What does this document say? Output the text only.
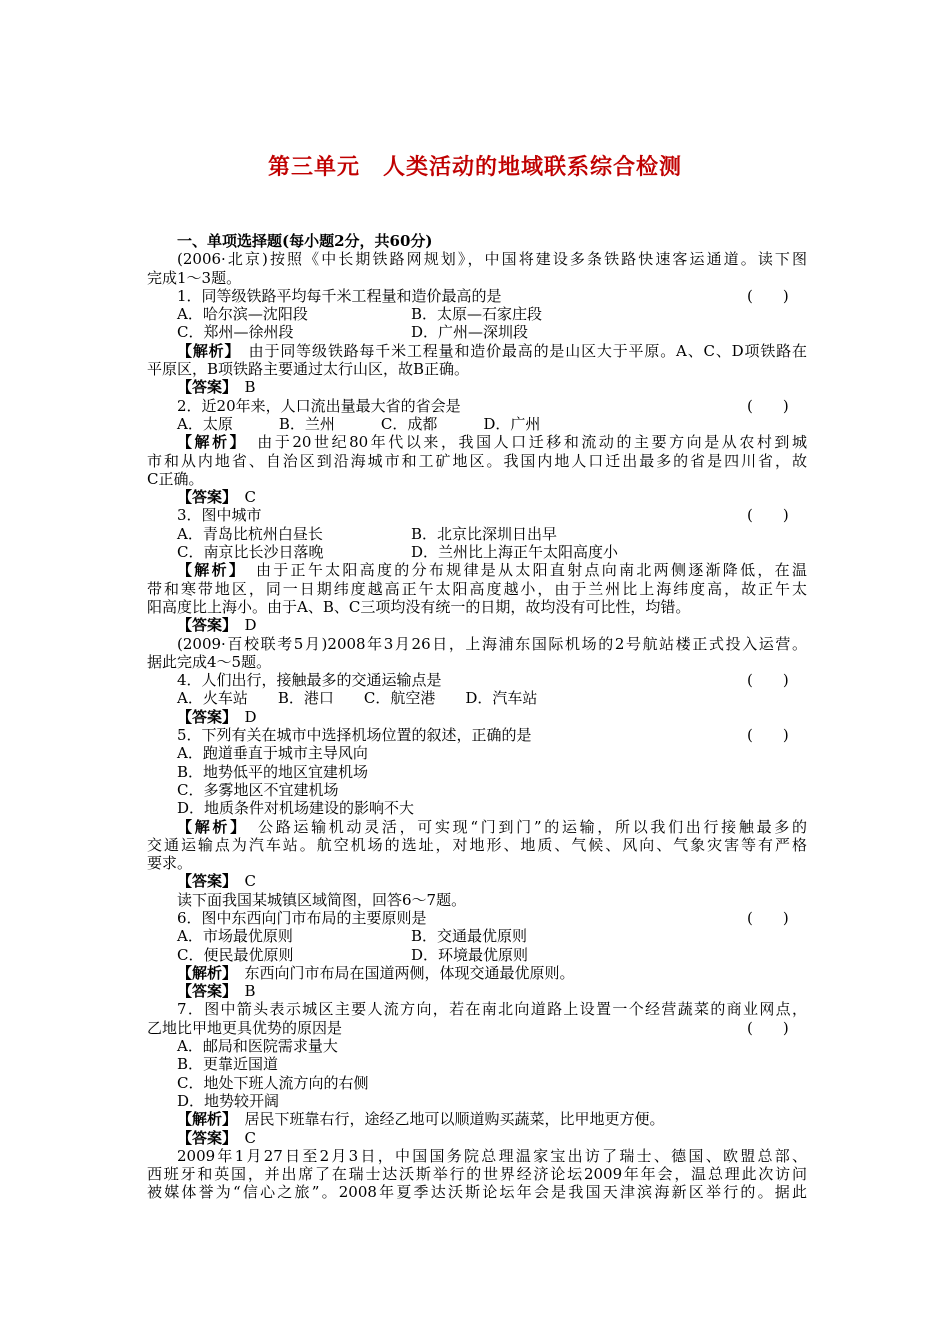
第三单元　人类活动的地域联系综合检测
一、单项选择题(每小题2分，共60分)
(2006·北京)按照《中长期铁路网规划》，中国将建设多条铁路快速客运通道。读下图
完成1～3题。
1．同等级铁路平均每千米工程量和造价最高的是	(　　)
A．哈尔滨—沈阳段	B．太原—石家庄段
C．郑州—徐州段	D．广州—深圳段
【解析】　 由于同等级铁路每千米工程量和造价最高的是山区大于平原。A、C、D项铁路在
平原区，B项铁路主要通过太行山区，故B正确。
【答案】　 B
2．近20年来，人口流出量最大省的省会是	(　　)
A．太原	B．兰州	C．成都	D．广州
【解析】　 由于20世纪80年代以来，我国人口迁移和流动的主要方向是从农村到城
市和从内地省、自治区到沿海城市和工矿地区。我国内地人口迁出最多的省是四川省，故
C正确。
【答案】　 C
3．图中城市	(　　)
A．青岛比杭州白昼长	B．北京比深圳日出早
C．南京比长沙日落晚	D．兰州比上海正午太阳高度小
【解析】　 由于正午太阳高度的分布规律是从太阳直射点向南北两侧逐渐降低，在温
带和寒带地区，同一日期纬度越高正午太阳高度越小，由于兰州比上海纬度高，故正午太
阳高度比上海小。由于A、B、C三项均没有统一的日期，故均没有可比性，均错。
【答案】　 D
(2009·百校联考5月)2008年3月26日，上海浦东国际机场的2号航站楼正式投入运营。
据此完成4～5题。
4．人们出行，接触最多的交通运输点是	(　　)
A．火车站 B．港口 C．航空港 D．汽车站
【答案】　 D
5．下列有关在城市中选择机场位置的叙述，正确的是	(　　)
A．跑道垂直于城市主导风向
B．地势低平的地区宜建机场
C．多雾地区不宜建机场
D．地质条件对机场建设的影响不大
【解析】　 公路运输机动灵活，可实现“门到门”的运输，所以我们出行接触最多的
交通运输点为汽车站。航空机场的选址，对地形、地质、气候、风向、气象灾害等有严格
要求。
【答案】　 C
读下面我国某城镇区域简图，回答6～7题。
6．图中东西向门市布局的主要原则是	(　　)
A．市场最优原则	B．交通最优原则
C．便民最优原则	D．环境最优原则
【解析】　 东西向门市布局在国道两侧，体现交通最优原则。
【答案】　 B
7．图中箭头表示城区主要人流方向，若在南北向道路上设置一个经营蔬菜的商业网点，
乙地比甲地更具优势的原因是	(　　)
A．邮局和医院需求量大
B．更靠近国道
C．地处下班人流方向的右侧
D．地势较开阔
【解析】　 居民下班靠右行，途经乙地可以顺道购买蔬菜，比甲地更方便。
【答案】　 C
2009年1月27日至2月3日，中国国务院总理温家宝出访了瑞士、德国、欧盟总部、
西班牙和英国，并出席了在瑞士达沃斯举行的世界经济论坛2009年年会，温总理此次访问
被媒体誉为“信心之旅”。2008年夏季达沃斯论坛年会是我国天津滨海新区举行的。据此
